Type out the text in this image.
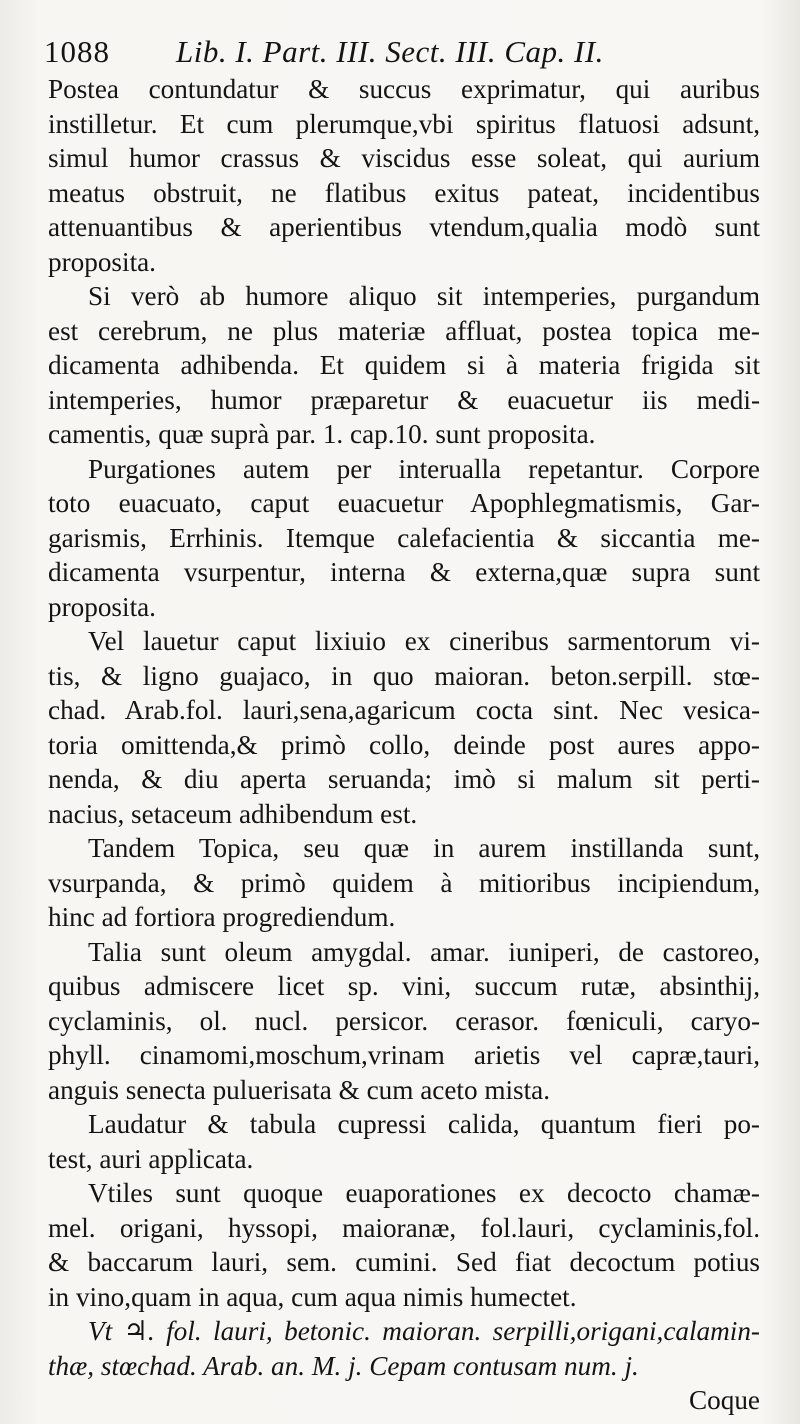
1088 Lib. I. Part. III. Sect. III. Cap. II.
Postea contundatur & succus exprimatur, qui auribus
instilletur. Et cum plerumque,vbi spiritus flatuosi adsunt,
simul humor crassus & viscidus esse soleat, qui aurium
meatus obstruit, ne flatibus exitus pateat, incidentibus
attenuantibus & aperientibus vtendum,qualia modò sunt
proposita.
Si verò ab humore aliquo sit intemperies, purgandum
est cerebrum, ne plus materiæ affluat, postea topica me-
dicamenta adhibenda. Et quidem si à materia frigida sit
intemperies, humor præparetur & euacuetur iis medi-
camentis, quæ suprà par. 1. cap.10. sunt proposita.
Purgationes autem per interualla repetantur. Corpore
toto euacuato, caput euacuetur Apophlegmatismis, Gar-
garismis, Errhinis. Itemque calefacientia & siccantia me-
dicamenta vsurpentur, interna & externa,quæ supra sunt
proposita.
Vel lauetur caput lixiuio ex cineribus sarmentorum vi-
tis, & ligno guajaco, in quo maioran. beton.serpill. stœ-
chad. Arab.fol. lauri,sena,agaricum cocta sint. Nec vesica-
toria omittenda,& primò collo, deinde post aures appo-
nenda, & diu aperta seruanda; imò si malum sit perti-
nacius, setaceum adhibendum est.
Tandem Topica, seu quæ in aurem instillanda sunt,
vsurpanda, & primò quidem à mitioribus incipiendum,
hinc ad fortiora progrediendum.
Talia sunt oleum amygdal. amar. iuniperi, de castoreo,
quibus admiscere licet sp. vini, succum rutæ, absinthij,
cyclaminis, ol. nucl. persicor. cerasor. fœniculi, caryo-
phyll. cinamomi,moschum,vrinam arietis vel capræ,tauri,
anguis senecta puluerisata & cum aceto mista.
Laudatur & tabula cupressi calida, quantum fieri po-
test, auri applicata.
Vtiles sunt quoque euaporationes ex decocto chamæ-
mel. origani, hyssopi, maioranæ, fol.lauri, cyclaminis,fol.
& baccarum lauri, sem. cumini. Sed fiat decoctum potius
in vino,quam in aqua, cum aqua nimis humectet.
Vt ♃. fol. lauri, betonic. maioran. serpilli,origani,calamin-
thæ, stœchad. Arab. an. M. j. Cepam contusam num. j.
Coque
